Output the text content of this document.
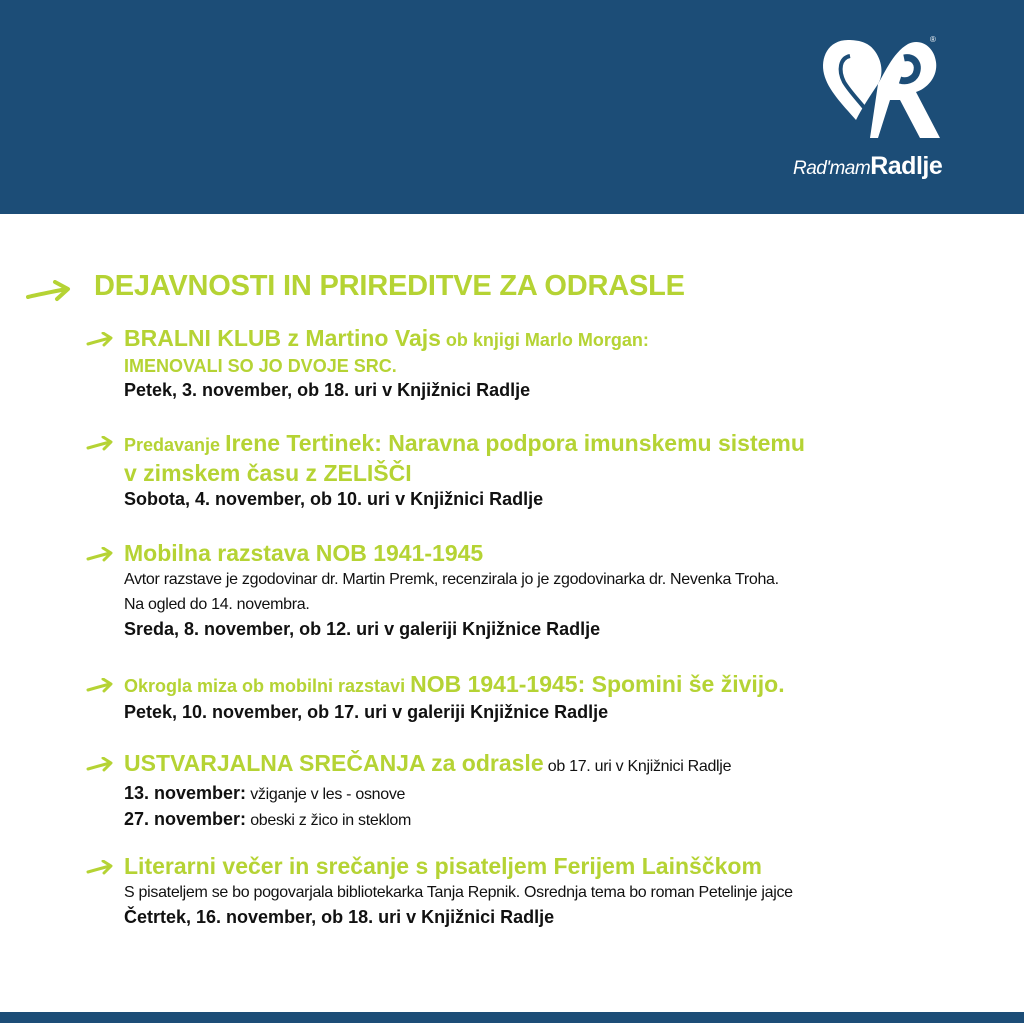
®
Rad'mamRadlje
DEJAVNOSTI IN PRIREDITVE ZA ODRASLE
BRALNI KLUB z Martino Vajs ob knjigi Marlo Morgan:
IMENOVALI SO JO DVOJE SRC.
Petek, 3. november, ob 18. uri v Knjižnici Radlje
Predavanje Irene Tertinek: Naravna podpora imunskemu sistemu
v zimskem času z ZELIŠČI
Sobota, 4. november, ob 10. uri v Knjižnici Radlje
Mobilna razstava NOB 1941-1945
Avtor razstave je zgodovinar dr. Martin Premk, recenzirala jo je zgodovinarka dr. Nevenka Troha.
Na ogled do 14. novembra.
Sreda, 8. november, ob 12. uri v galeriji Knjižnice Radlje
Okrogla miza ob mobilni razstavi NOB 1941-1945: Spomini še živijo.
Petek, 10. november, ob 17. uri v galeriji Knjižnice Radlje
USTVARJALNA SREČANJA za odrasle ob 17. uri v Knjižnici Radlje
13. november: vžiganje v les - osnove
27. november: obeski z žico in steklom
Literarni večer in srečanje s pisateljem Ferijem Lainščkom
S pisateljem se bo pogovarjala bibliotekarka Tanja Repnik. Osrednja tema bo roman Petelinje jajce
Četrtek, 16. november, ob 18. uri v Knjižnici Radlje
